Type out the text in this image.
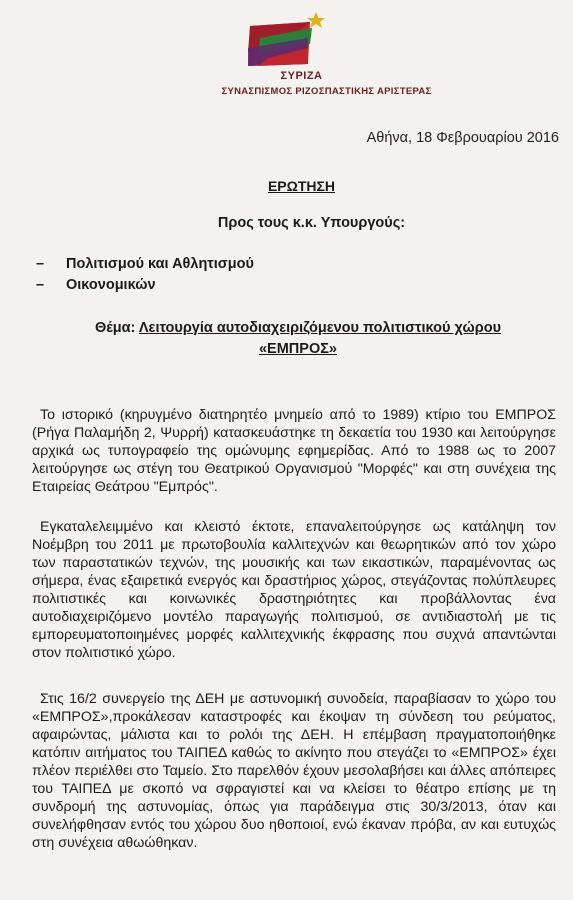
ΣΥΡΙΖΑ
ΣΥΝΑΣΠΙΣΜΟΣ ΡΙΖΟΣΠΑΣΤΙΚΗΣ ΑΡΙΣΤΕΡΑΣ
Αθήνα, 18 Φεβρουαρίου 2016
ΕΡΩΤΗΣΗ
Προς τους κ.κ. Υπουργούς:
–	Πολιτισμού και Αθλητισμού
–	Οικονομικών
Θέμα: Λειτουργία αυτοδιαχειριζόμενου πολιτιστικού χώρου
«ΕΜΠΡΟΣ»

Το ιστορικό (κηρυγμένο διατηρητέο μνημείο από το 1989) κτίριο του ΕΜΠΡΟΣ (Ρήγα Παλαμήδη 2, Ψυρρή) κατασκευάστηκε τη δεκαετία του 1930 και λειτούργησε αρχικά ως τυπογραφείο της ομώνυμης εφημερίδας. Από το 1988 ως το 2007 λειτούργησε ως στέγη του Θεατρικού Οργανισμού "Μορφές" και στη συνέχεια της Εταιρείας Θεάτρου "Εμπρός".

Εγκαταλελειμμένο και κλειστό έκτοτε, επαναλειτούργησε ως κατάληψη τον Νοέμβρη του 2011 με πρωτοβουλία καλλιτεχνών και θεωρητικών από τον χώρο των παραστατικών τεχνών, της μουσικής και των εικαστικών, παραμένοντας ως σήμερα, ένας εξαιρετικά ενεργός και δραστήριος χώρος, στεγάζοντας πολύπλευρες πολιτιστικές και κοινωνικές δραστηριότητες και προβάλλοντας ένα αυτοδιαχειριζόμενο μοντέλο παραγωγής πολιτισμού, σε αντιδιαστολή με τις εμπορευματοποιημένες μορφές καλλιτεχνικής έκφρασης που συχνά απαντώνται στον πολιτιστικό χώρο.

Στις 16/2 συνεργείο της ΔΕΗ με αστυνομική συνοδεία, παραβίασαν το χώρο του «ΕΜΠΡΟΣ»,προκάλεσαν καταστροφές και έκοψαν τη σύνδεση του ρεύματος, αφαιρώντας, μάλιστα και το ρολόι της ΔΕΗ. Η επέμβαση πραγματοποιήθηκε κατόπιν αιτήματος του ΤΑΙΠΕΔ καθώς το ακίνητο που στεγάζει το «ΕΜΠΡΟΣ» έχει πλέον περιέλθει στο Ταμείο. Στο παρελθόν έχουν μεσολαβήσει και άλλες απόπειρες του ΤΑΙΠΕΔ με σκοπό να σφραγιστεί και να κλείσει το θέατρο επίσης με τη συνδρομή της αστυνομίας, όπως για παράδειγμα στις 30/3/2013, όταν και συνελήφθησαν εντός του χώρου δυο ηθοποιοί, ενώ έκαναν πρόβα, αν και ευτυχώς στη συνέχεια αθωώθηκαν.
